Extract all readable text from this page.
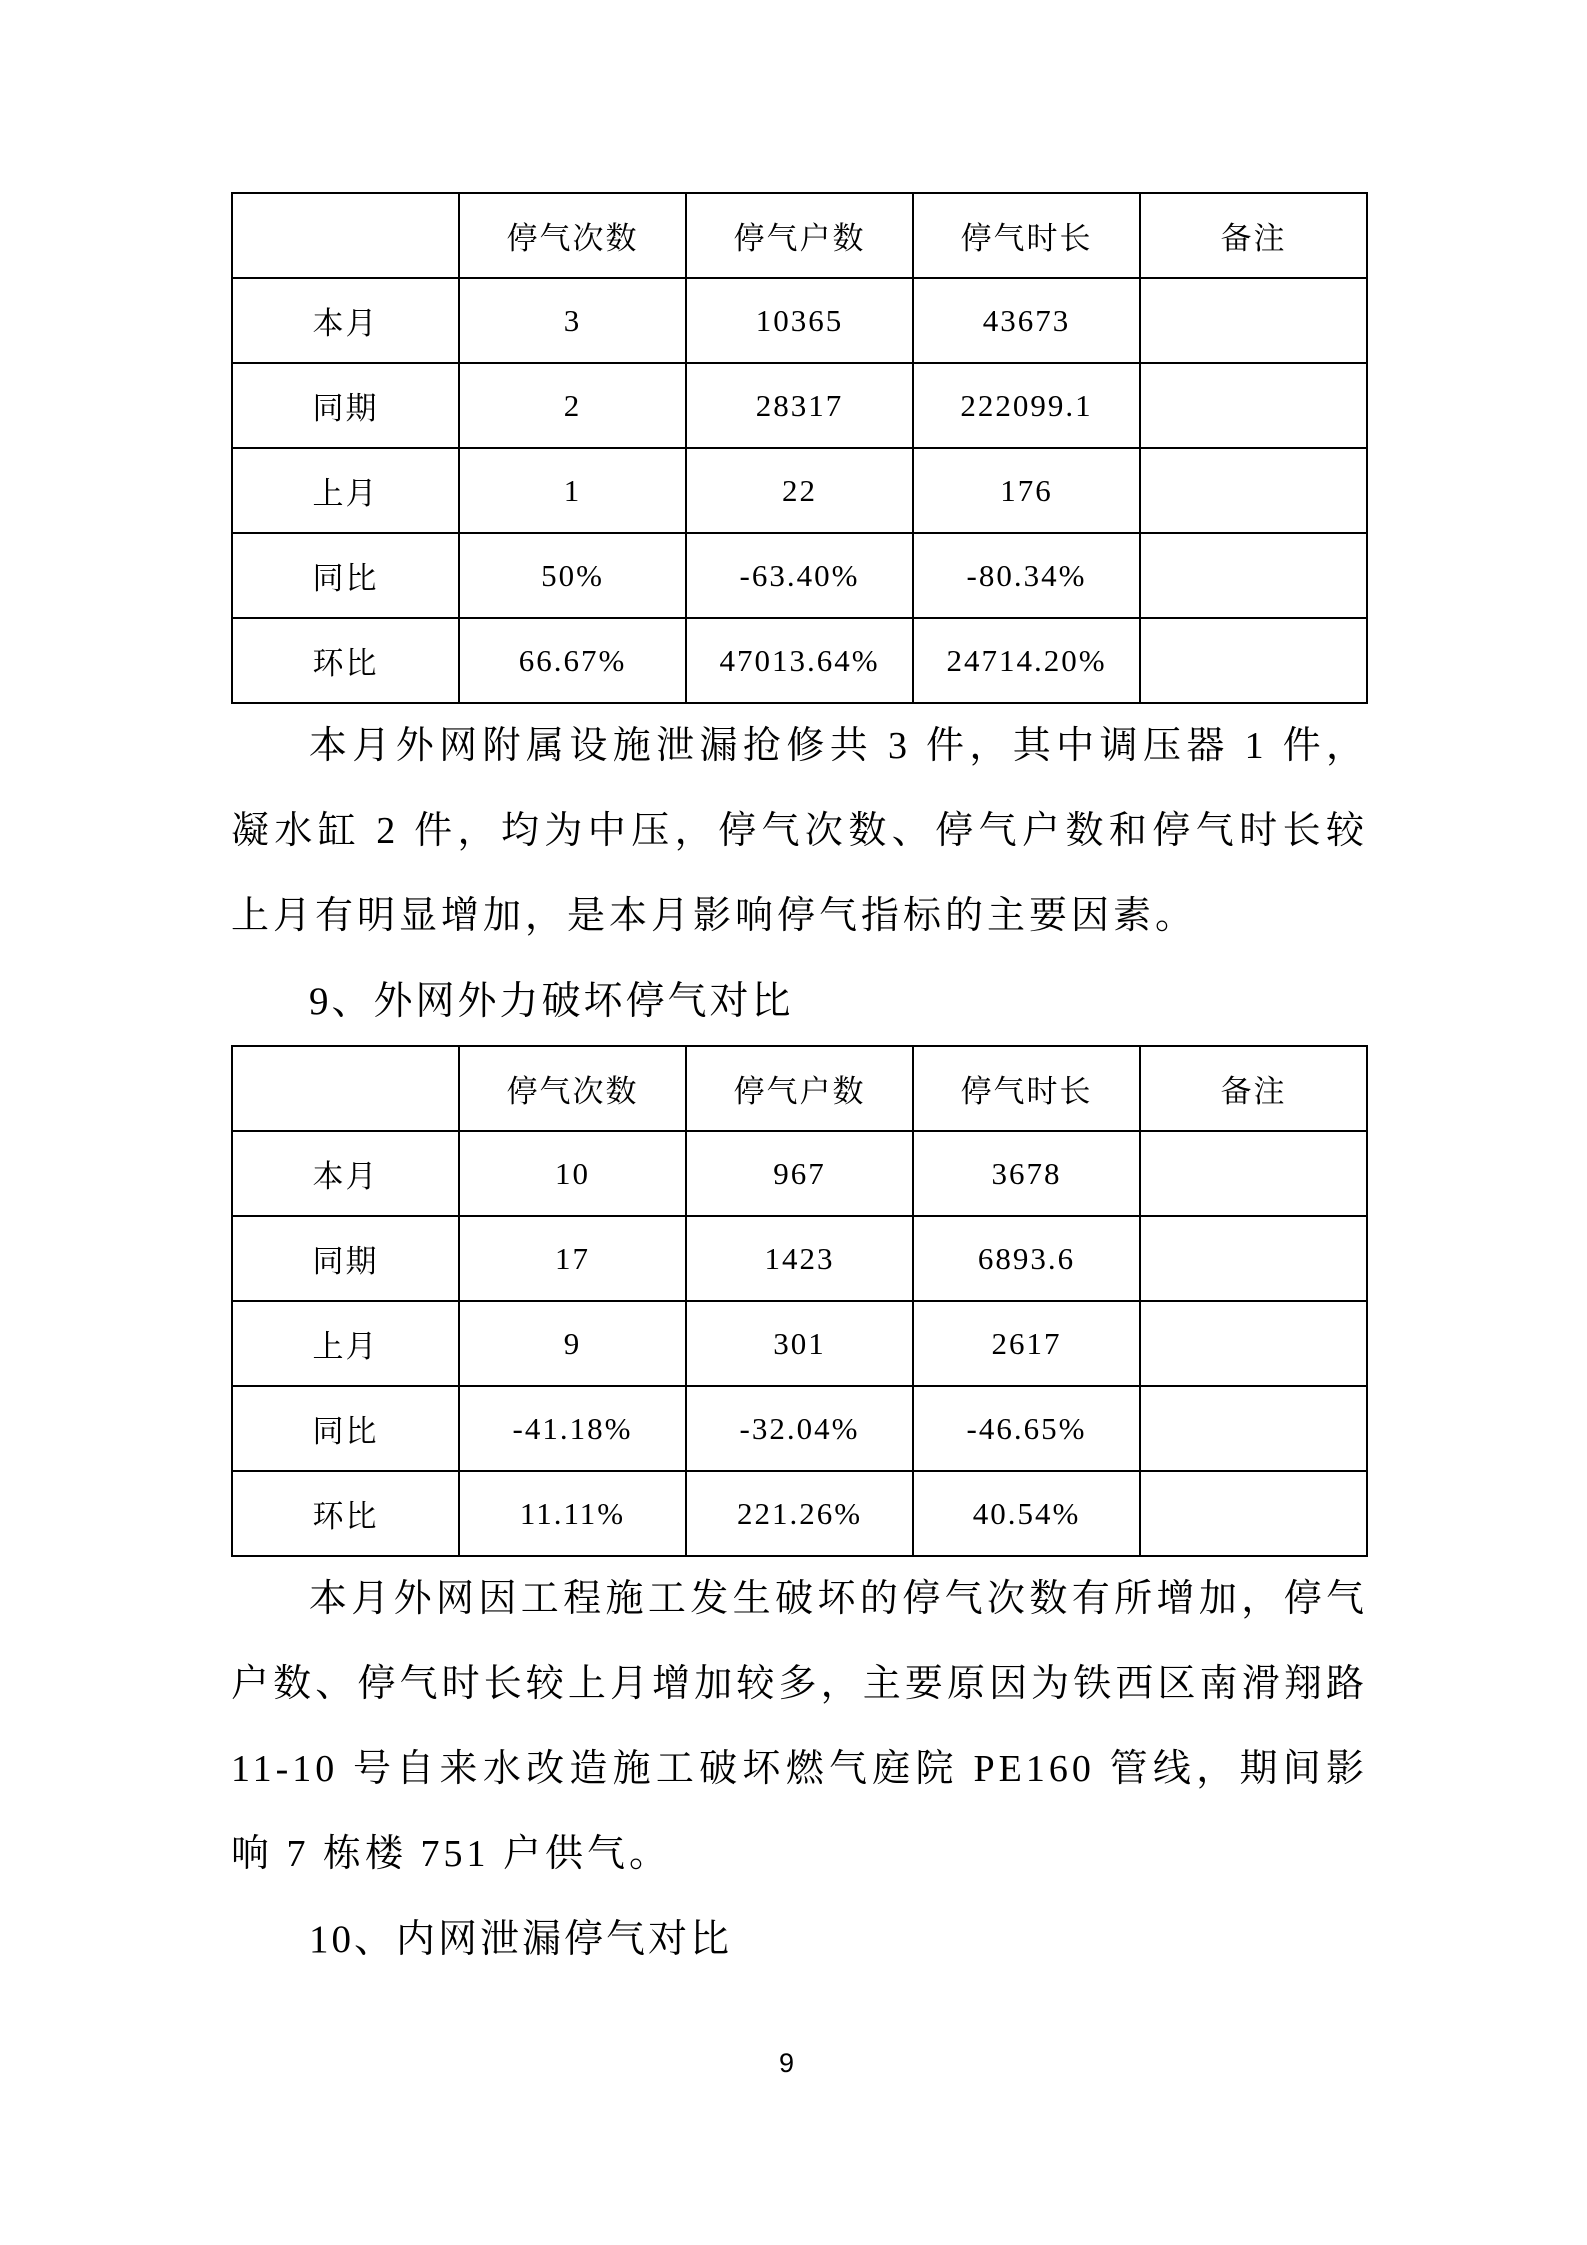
	停气次数	停气户数	停气时长	备注
本月	3	10365	43673	
同期	2	28317	222099.1	
上月	1	22	176	
同比	50%	-63.40%	-80.34%	
环比	66.67%	47013.64%	24714.20%	

本月外网附属设施泄漏抢修共 3 件，其中调压器 1 件，凝水缸 2 件，均为中压，停气次数、停气户数和停气时长较上月有明显增加，是本月影响停气指标的主要因素。

9、外网外力破坏停气对比

	停气次数	停气户数	停气时长	备注
本月	10	967	3678	
同期	17	1423	6893.6	
上月	9	301	2617	
同比	-41.18%	-32.04%	-46.65%	
环比	11.11%	221.26%	40.54%	

本月外网因工程施工发生破坏的停气次数有所增加，停气户数、停气时长较上月增加较多，主要原因为铁西区南滑翔路 11-10 号自来水改造施工破坏燃气庭院 PE160 管线，期间影响 7 栋楼 751 户供气。

10、内网泄漏停气对比

9
